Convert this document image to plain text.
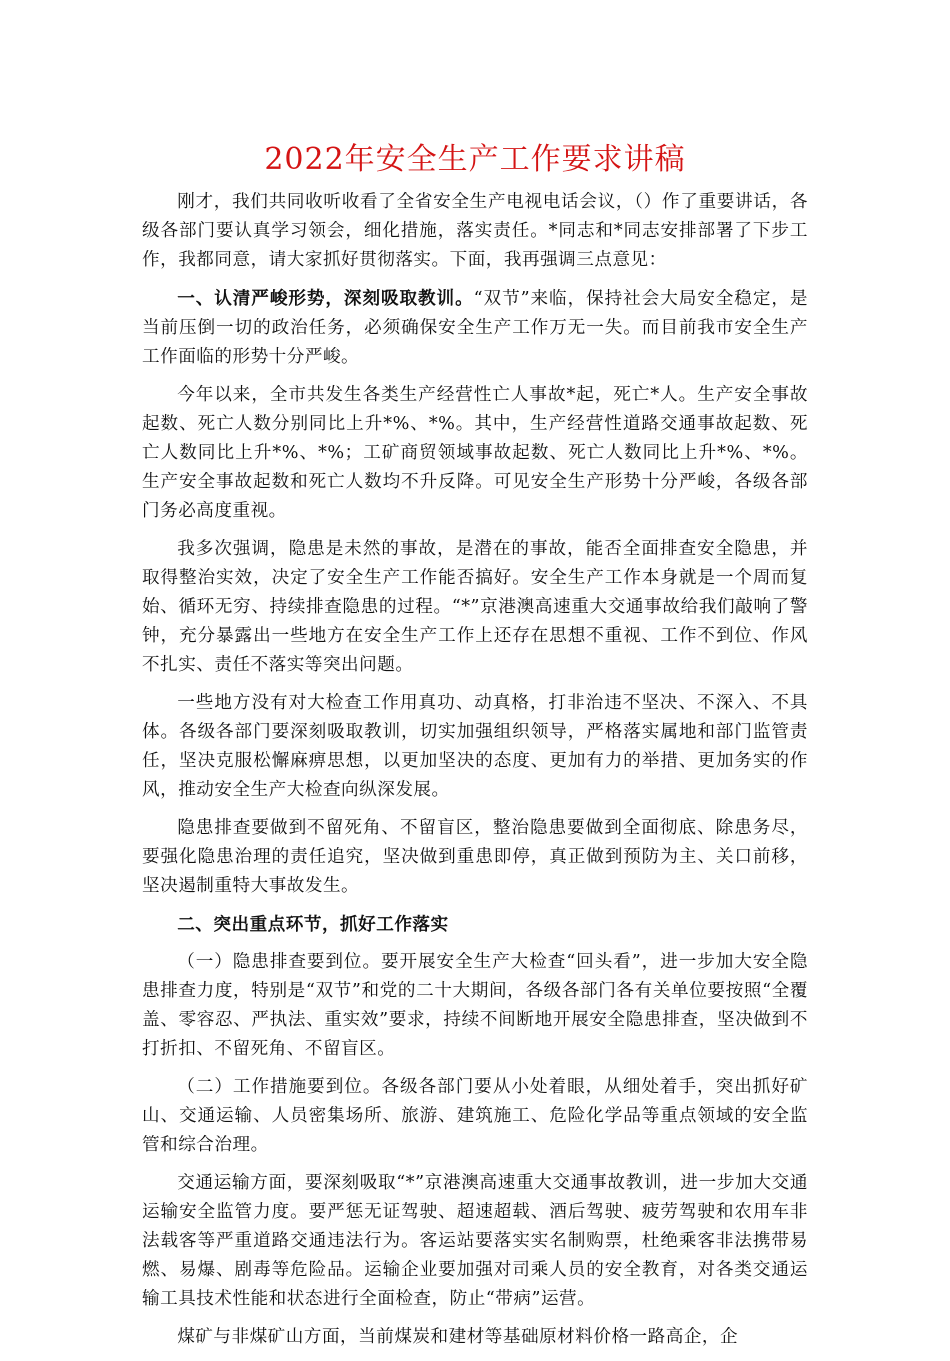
2022年安全生产工作要求讲稿

刚才，我们共同收听收看了全省安全生产电视电话会议，（）作了重要讲话，各级各部门要认真学习领会，细化措施，落实责任。*同志和*同志安排部署了下步工作，我都同意，请大家抓好贯彻落实。下面，我再强调三点意见：

一、认清严峻形势，深刻吸取教训。“双节”来临，保持社会大局安全稳定，是当前压倒一切的政治任务，必须确保安全生产工作万无一失。而目前我市安全生产工作面临的形势十分严峻。

今年以来，全市共发生各类生产经营性亡人事故*起，死亡*人。生产安全事故起数、死亡人数分别同比上升*%、*%。其中，生产经营性道路交通事故起数、死亡人数同比上升*%、*%；工矿商贸领域事故起数、死亡人数同比上升*%、*%。生产安全事故起数和死亡人数均不升反降。可见安全生产形势十分严峻，各级各部门务必高度重视。

我多次强调，隐患是未然的事故，是潜在的事故，能否全面排查安全隐患，并取得整治实效，决定了安全生产工作能否搞好。安全生产工作本身就是一个周而复始、循环无穷、持续排查隐患的过程。“*”京港澳高速重大交通事故给我们敲响了警钟，充分暴露出一些地方在安全生产工作上还存在思想不重视、工作不到位、作风不扎实、责任不落实等突出问题。

一些地方没有对大检查工作用真功、动真格，打非治违不坚决、不深入、不具体。各级各部门要深刻吸取教训，切实加强组织领导，严格落实属地和部门监管责任，坚决克服松懈麻痹思想，以更加坚决的态度、更加有力的举措、更加务实的作风，推动安全生产大检查向纵深发展。

隐患排查要做到不留死角、不留盲区，整治隐患要做到全面彻底、除患务尽，要强化隐患治理的责任追究，坚决做到重患即停，真正做到预防为主、关口前移，坚决遏制重特大事故发生。

二、突出重点环节，抓好工作落实

（一）隐患排查要到位。要开展安全生产大检查“回头看”，进一步加大安全隐患排查力度，特别是“双节”和党的二十大期间，各级各部门各有关单位要按照“全覆盖、零容忍、严执法、重实效”要求，持续不间断地开展安全隐患排查，坚决做到不打折扣、不留死角、不留盲区。

（二）工作措施要到位。各级各部门要从小处着眼，从细处着手，突出抓好矿山、交通运输、人员密集场所、旅游、建筑施工、危险化学品等重点领域的安全监管和综合治理。

交通运输方面，要深刻吸取“*”京港澳高速重大交通事故教训，进一步加大交通运输安全监管力度。要严惩无证驾驶、超速超载、酒后驾驶、疲劳驾驶和农用车非法载客等严重道路交通违法行为。客运站要落实实名制购票，杜绝乘客非法携带易燃、易爆、剧毒等危险品。运输企业要加强对司乘人员的安全教育，对各类交通运输工具技术性能和状态进行全面检查，防止“带病”运营。

煤矿与非煤矿山方面，当前煤炭和建材等基础原材料价格一路高企，企
